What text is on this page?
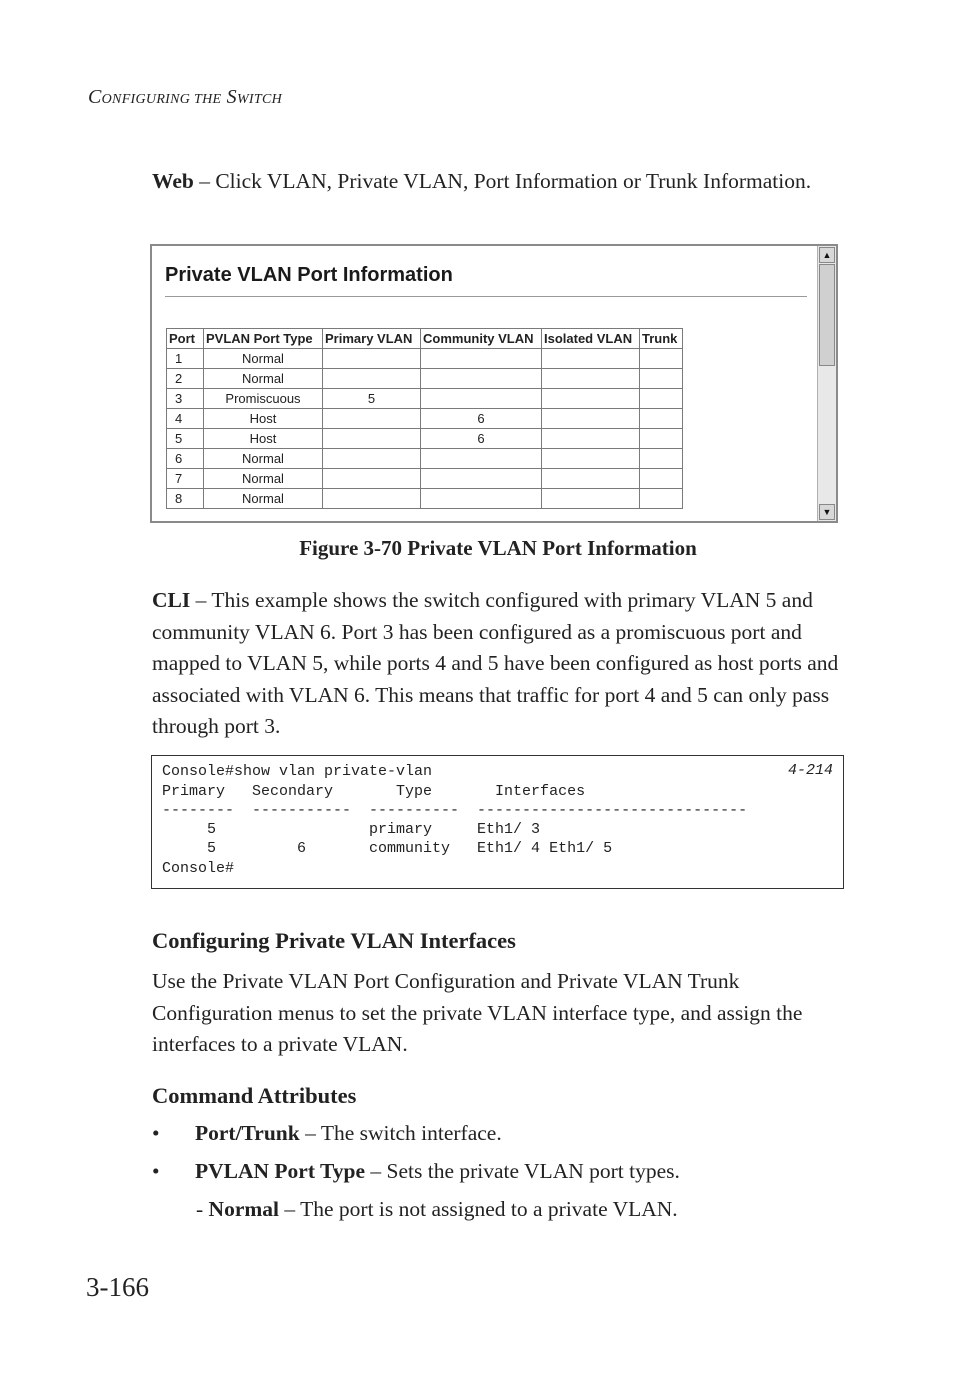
CONFIGURING THE SWITCH
Web – Click VLAN, Private VLAN, Port Information or Trunk Information.
Private VLAN Port Information
Port	PVLAN Port Type	Primary VLAN	Community VLAN	Isolated VLAN	Trunk
1	Normal				
2	Normal				
3	Promiscuous	5			
4	Host		6		
5	Host		6		
6	Normal				
7	Normal				
8	Normal				
▲
▼
Figure 3-70 Private VLAN Port Information
CLI – This example shows the switch configured with primary VLAN 5 and community VLAN 6. Port 3 has been configured as a promiscuous port and mapped to VLAN 5, while ports 4 and 5 have been configured as host ports and associated with VLAN 6. This means that traffic for port 4 and 5 can only pass through port 3.
Console#show vlan private-vlan
Primary   Secondary       Type       Interfaces
--------  -----------  ----------  ------------------------------
5                 primary     Eth1/ 3
5         6       community   Eth1/ 4 Eth1/ 5
Console#
4-214
Configuring Private VLAN Interfaces
Use the Private VLAN Port Configuration and Private VLAN Trunk Configuration menus to set the private VLAN interface type, and assign the interfaces to a private VLAN.
Command Attributes
• Port/Trunk – The switch interface.
• PVLAN Port Type – Sets the private VLAN port types.
- Normal – The port is not assigned to a private VLAN.
3-166
